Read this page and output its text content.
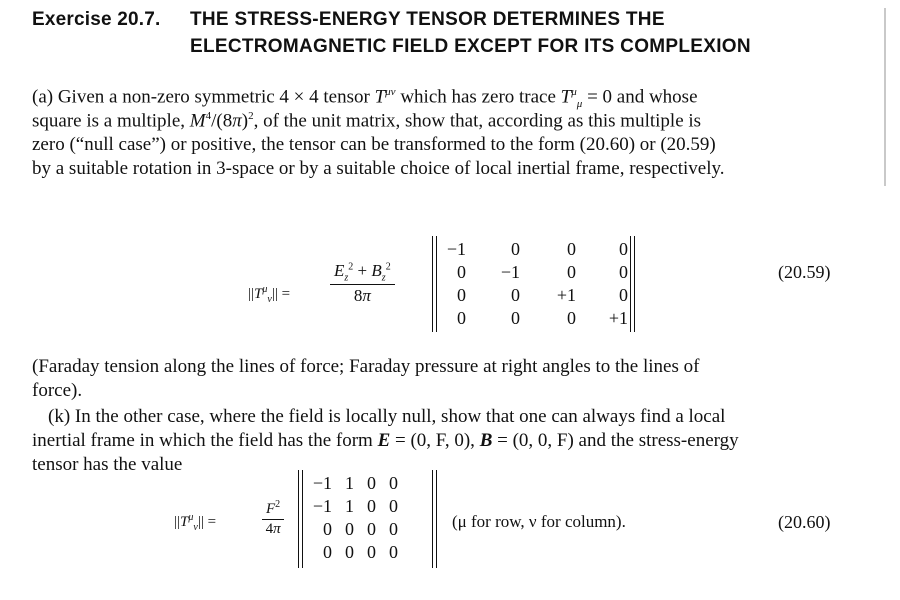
Exercise 20.7. THE STRESS-ENERGY TENSOR DETERMINES THE
ELECTROMAGNETIC FIELD EXCEPT FOR ITS COMPLEXION
(a) Given a non-zero symmetric 4 × 4 tensor $T^{\mu\nu}$ which has zero trace $T^\mu_\mu = 0$ and whose
square is a multiple, $M^4/(8\pi)^2$, of the unit matrix, show that, according as this multiple is
zero (“null case”) or positive, the tensor can be transformed to the form (20.60) or (20.59)
by a suitable rotation in 3-space or by a suitable choice of local inertial frame, respectively.
$||T^\mu_\nu|| = \frac{E_z^2 + B_z^2}{8\pi}$
−1	0	0	0
0	−1	0	0
0	0	+1	0
0	0	0	+1
(20.59)
(Faraday tension along the lines of force; Faraday pressure at right angles to the lines of
force).
(k) In the other case, where the field is locally null, show that one can always find a local
inertial frame in which the field has the form E = (0, F, 0), B = (0, 0, F) and the stress-energy
tensor has the value
$||T^\mu_\nu||$ =	$\frac{F^2}{4\pi}$
−1	1	0	0
−1	1	0	0
0	0	0	0
0	0	0	0
(μ for row, ν for column).	(20.60)
